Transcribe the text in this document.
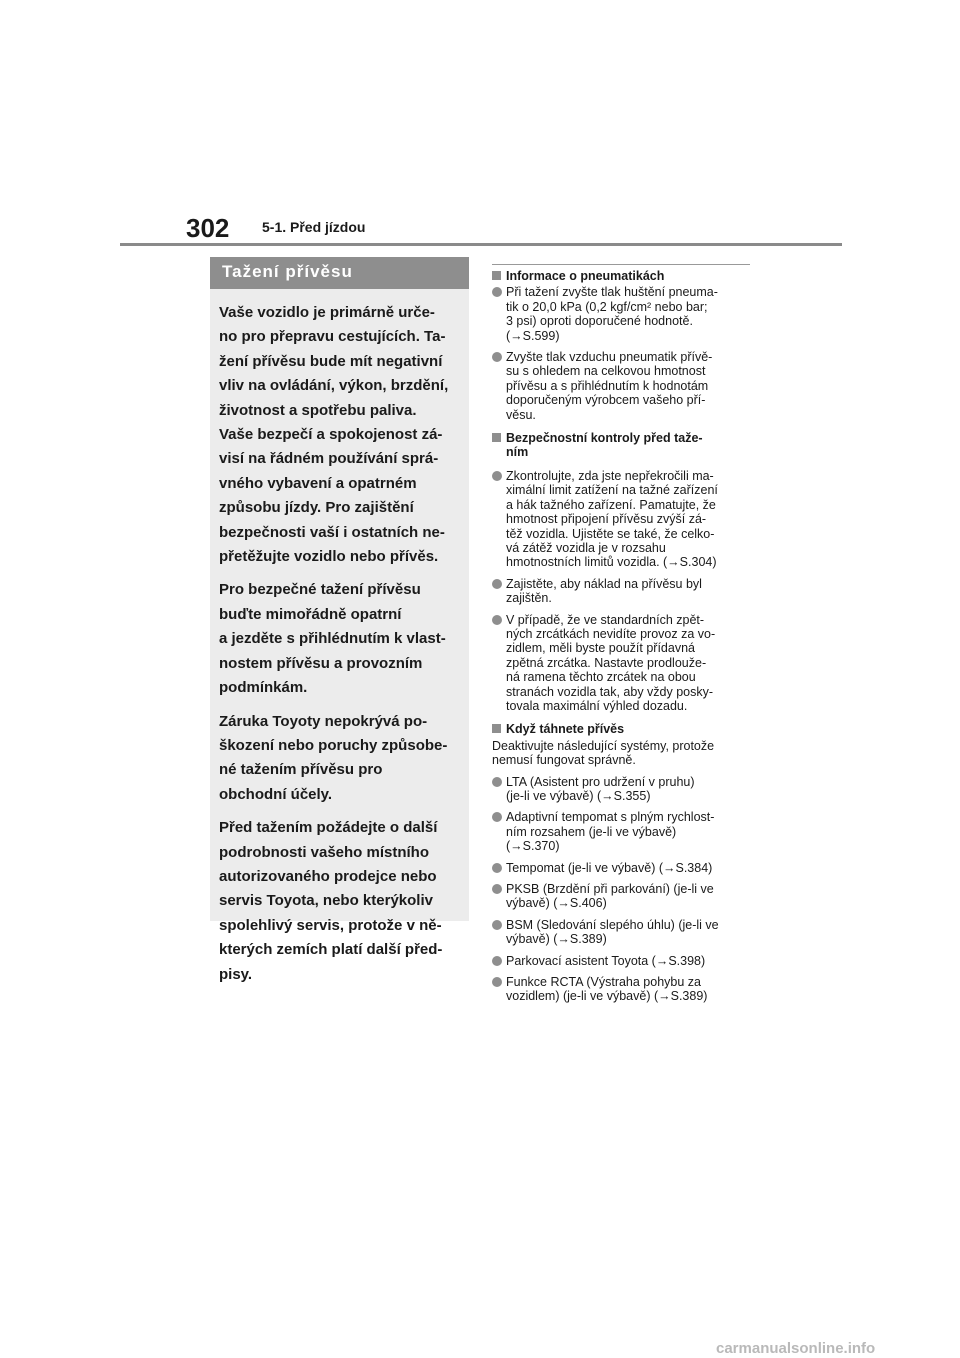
302 5-1. Před jízdou
Tažení přívěsu

Vaše vozidlo je primárně urče-
no pro přepravu cestujících. Ta-
žení přívěsu bude mít negativní
vliv na ovládání, výkon, brzdění,
životnost a spotřebu paliva.
Vaše bezpečí a spokojenost zá-
visí na řádném používání sprá-
vného vybavení a opatrném
způsobu jízdy. Pro zajištění
bezpečnosti vaší i ostatních ne-
přetěžujte vozidlo nebo přívěs.

Pro bezpečné tažení přívěsu
buďte mimořádně opatrní
a jezděte s přihlédnutím k vlast-
nostem přívěsu a provozním
podmínkám.

Záruka Toyoty nepokrývá po-
škození nebo poruchy způsobe-
né tažením přívěsu pro
obchodní účely.

Před tažením požádejte o další
podrobnosti vašeho místního
autorizovaného prodejce nebo
servis Toyota, nebo kterýkoliv
spolehlivý servis, protože v ně-
kterých zemích platí další před-
pisy.

Informace o pneumatikách
Při tažení zvyšte tlak huštění pneuma-
tik o 20,0 kPa (0,2 kgf/cm² nebo bar;
3 psi) oproti doporučené hodnotě.
(→S.599)
Zvyšte tlak vzduchu pneumatik přívě-
su s ohledem na celkovou hmotnost
přívěsu a s přihlédnutím k hodnotám
doporučeným výrobcem vašeho pří-
věsu.
Bezpečnostní kontroly před taže-
ním
Zkontrolujte, zda jste nepřekročili ma-
ximální limit zatížení na tažné zařízení
a hák tažného zařízení. Pamatujte, že
hmotnost připojení přívěsu zvýší zá-
těž vozidla. Ujistěte se také, že celko-
vá zátěž vozidla je v rozsahu
hmotnostních limitů vozidla. (→S.304)
Zajistěte, aby náklad na přívěsu byl
zajištěn.
V případě, že ve standardních zpět-
ných zrcátkách nevidíte provoz za vo-
zidlem, měli byste použít přídavná
zpětná zrcátka. Nastavte prodlouže-
ná ramena těchto zrcátek na obou
stranách vozidla tak, aby vždy posky-
tovala maximální výhled dozadu.
Když táhnete přívěs
Deaktivujte následující systémy, protože
nemusí fungovat správně.
LTA (Asistent pro udržení v pruhu)
(je-li ve výbavě) (→S.355)
Adaptivní tempomat s plným rychlost-
ním rozsahem (je-li ve výbavě)
(→S.370)
Tempomat (je-li ve výbavě) (→S.384)
PKSB (Brzdění při parkování) (je-li ve
výbavě) (→S.406)
BSM (Sledování slepého úhlu) (je-li ve
výbavě) (→S.389)
Parkovací asistent Toyota (→S.398)
Funkce RCTA (Výstraha pohybu za
vozidlem) (je-li ve výbavě) (→S.389)
carmanualsonline.info
